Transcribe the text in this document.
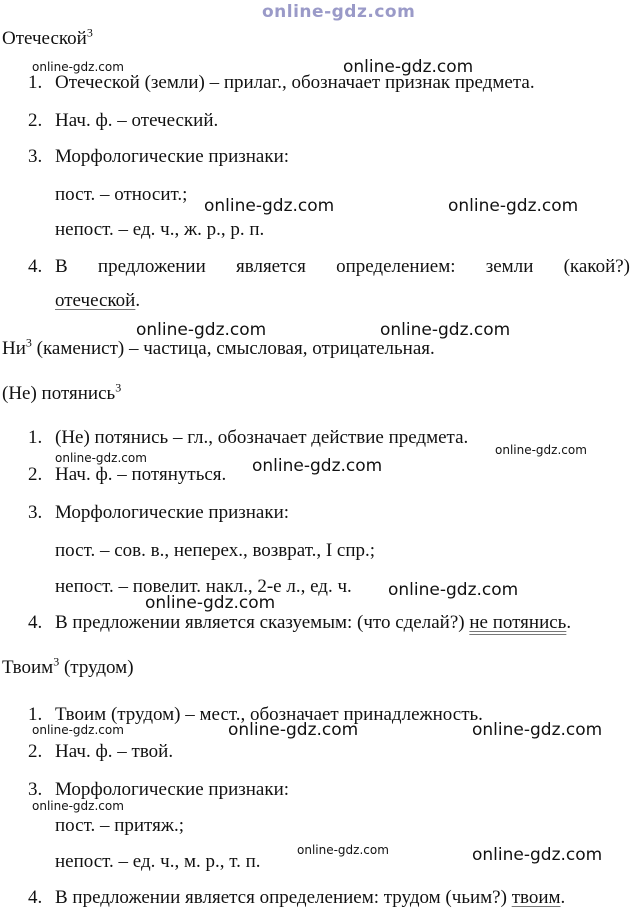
online-gdz.com
Отеческой$^3$
1. Отеческой (земли) – прилаг., обозначает признак предмета.
2. Нач. ф. – отеческий.
3. Морфологические признаки:
пост. – относит.;
непост. – ед. ч., ж. р., р. п.
4. В предложении является определением: земли (какой?)
отеческой.
$Ни^3$ (каменист) – частица, смысловая, отрицательная.
(Не) потянись$^3$
1. (Не) потянись – гл., обозначает действие предмета.
2. Нач. ф. – потянуться.
3. Морфологические признаки:
пост. – сов. в., неперех., возврат., I спр.;
непост. – повелит. накл., 2-е л., ед. ч.
4. В предложении является сказуемым: (что сделай?) не потянись.
Твоим$^3$ (трудом)
1. Твоим (трудом) – мест., обозначает принадлежность.
2. Нач. ф. – твой.
3. Морфологические признаки:
пост. – притяж.;
непост. – ед. ч., м. р., т. п.
4. В предложении является определением: трудом (чьим?) твоим.
online-gdz.com	online-gdz.com
online-gdz.com	online-gdz.com
online-gdz.com	online-gdz.com
online-gdz.com
online-gdz.com	online-gdz.com
online-gdz.com
online-gdz.com
online-gdz.com	online-gdz.com	online-gdz.com
online-gdz.com
online-gdz.com	online-gdz.com
